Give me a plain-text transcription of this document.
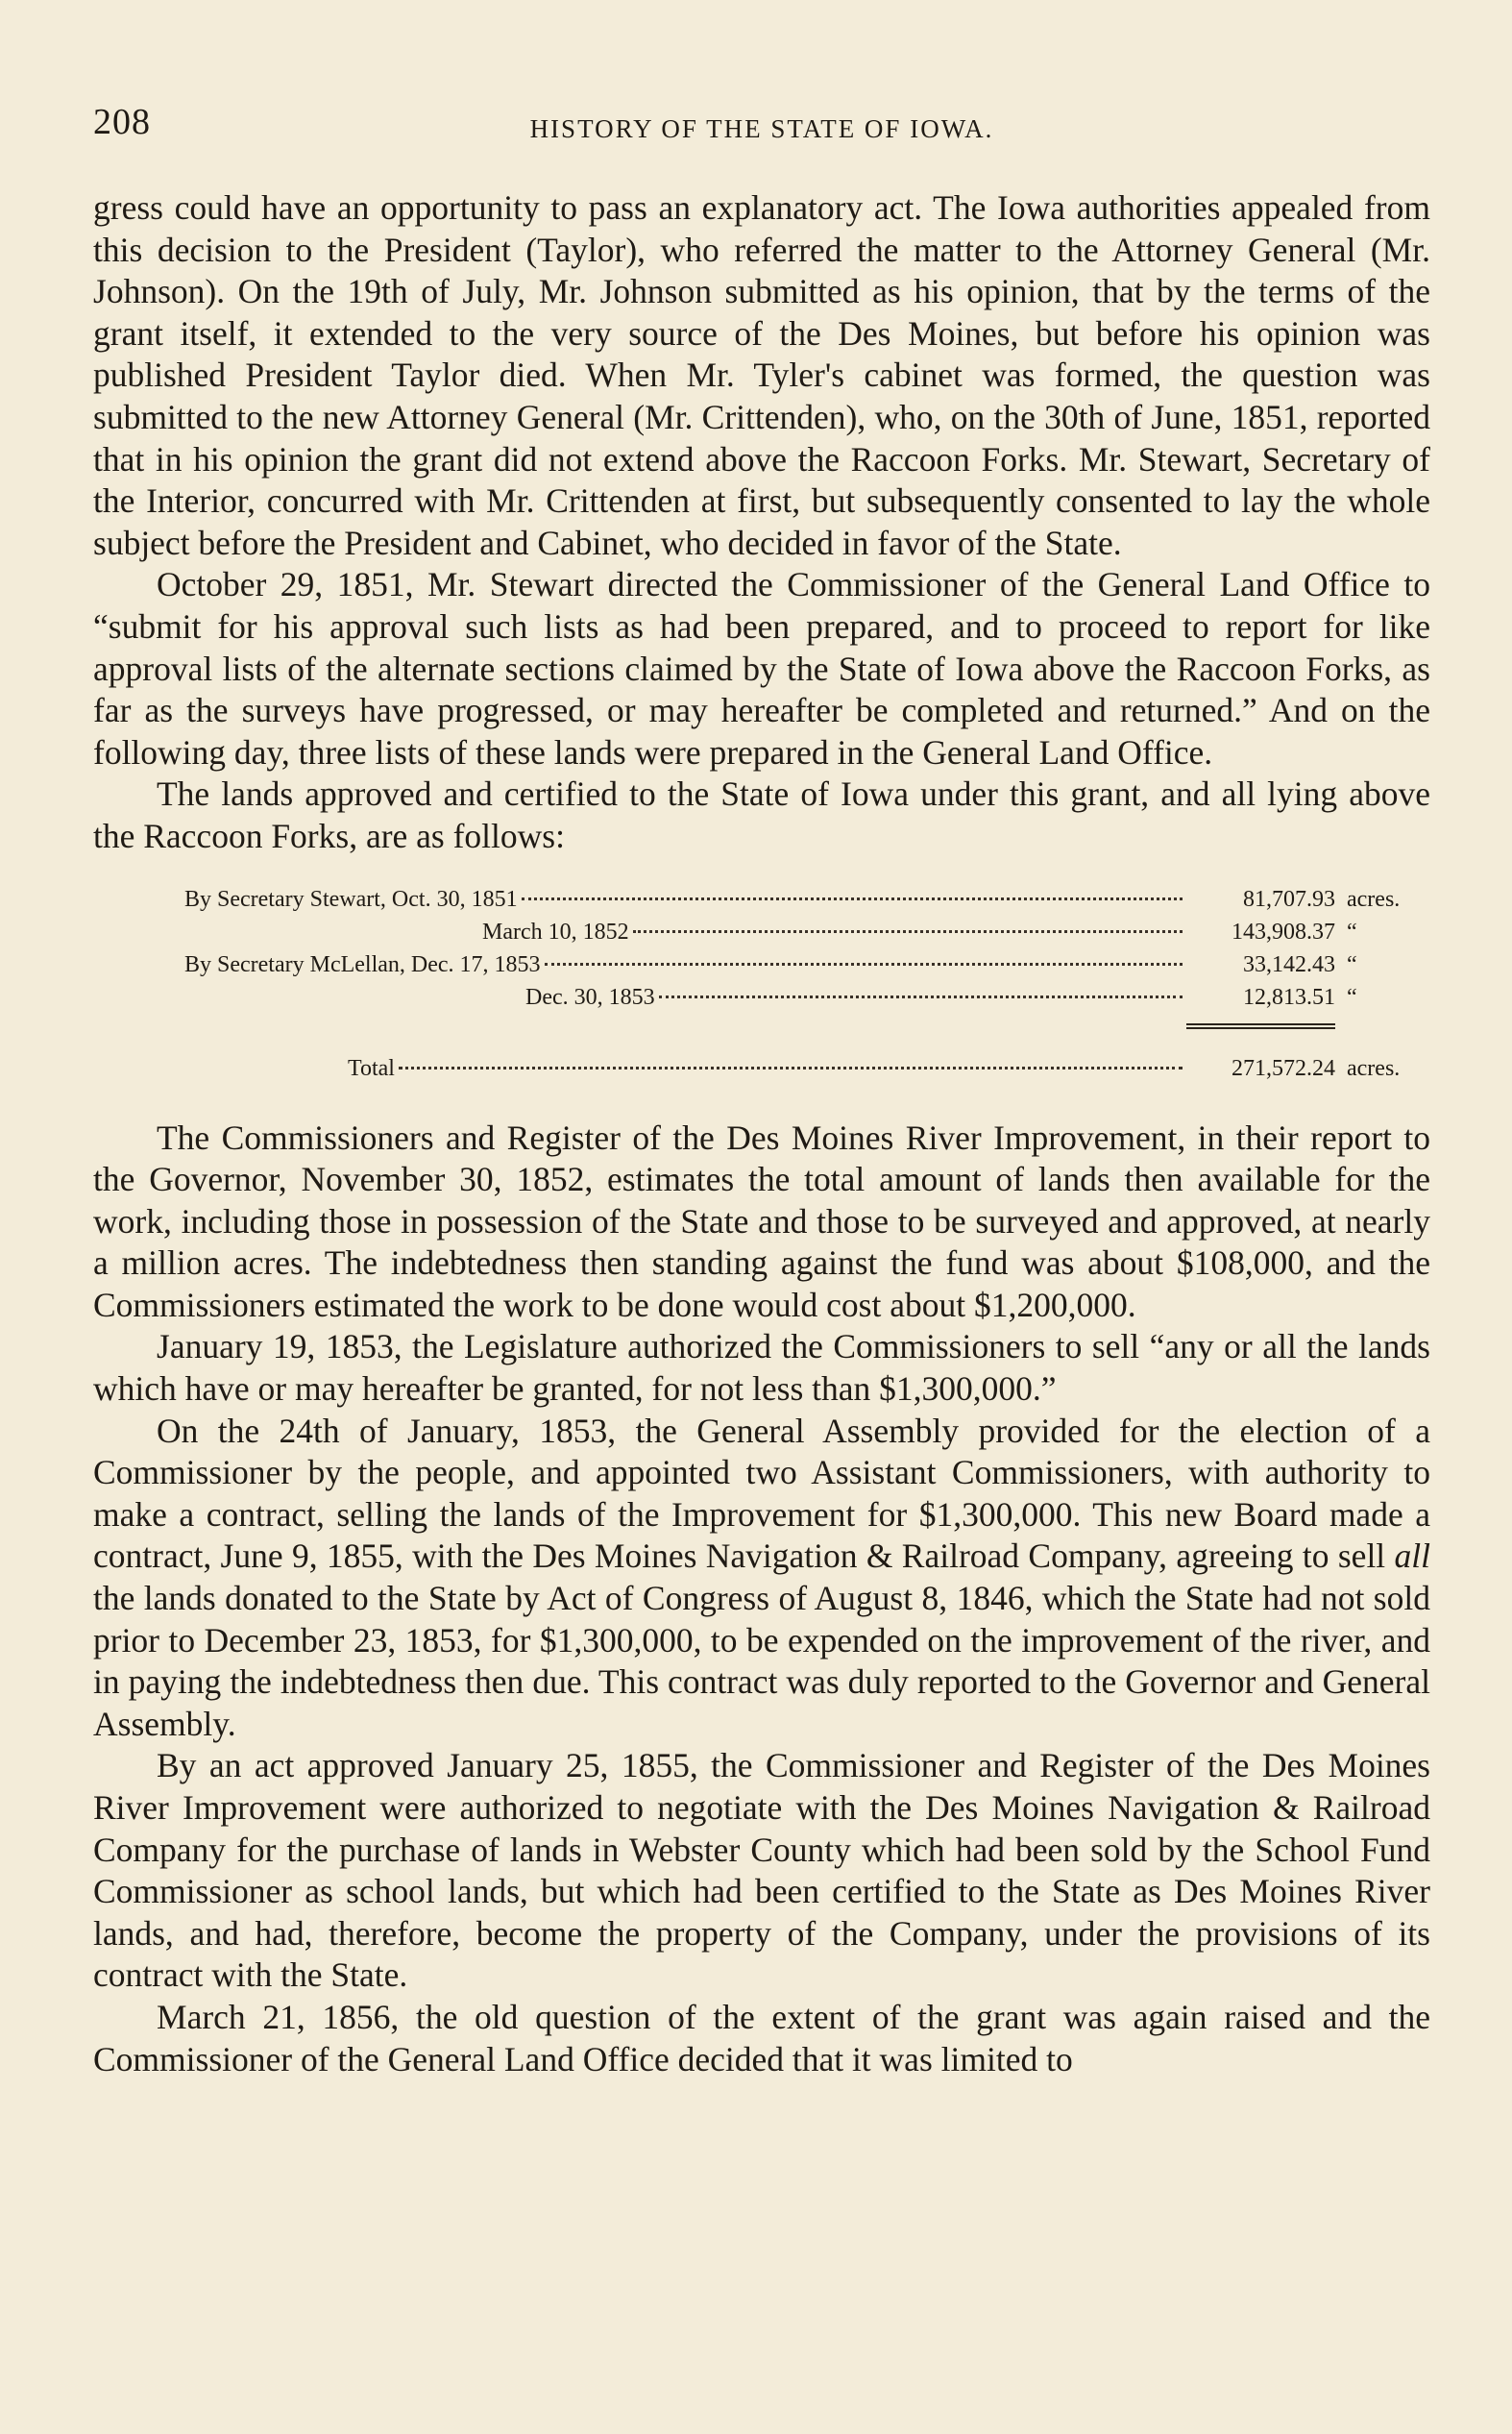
208	HISTORY OF THE STATE OF IOWA.

gress could have an opportunity to pass an explanatory act. The Iowa authorities appealed from this decision to the President (Taylor), who referred the matter to the Attorney General (Mr. Johnson). On the 19th of July, Mr. Johnson submitted as his opinion, that by the terms of the grant itself, it extended to the very source of the Des Moines, but before his opinion was published President Taylor died. When Mr. Tyler's cabinet was formed, the question was submitted to the new Attorney General (Mr. Crittenden), who, on the 30th of June, 1851, reported that in his opinion the grant did not extend above the Raccoon Forks. Mr. Stewart, Secretary of the Interior, concurred with Mr. Crittenden at first, but subsequently consented to lay the whole subject before the President and Cabinet, who decided in favor of the State.

October 29, 1851, Mr. Stewart directed the Commissioner of the General Land Office to “submit for his approval such lists as had been prepared, and to proceed to report for like approval lists of the alternate sections claimed by the State of Iowa above the Raccoon Forks, as far as the surveys have progressed, or may hereafter be completed and returned.” And on the following day, three lists of these lands were prepared in the General Land Office.

The lands approved and certified to the State of Iowa under this grant, and all lying above the Raccoon Forks, are as follows:

By Secretary Stewart, Oct. 30, 1851	81,707.93 acres.
March 10, 1852	143,908.37 “
By Secretary McLellan, Dec. 17, 1853	33,142.43 “
Dec. 30, 1853	12,813.51 “
Total	271,572.24 acres.

The Commissioners and Register of the Des Moines River Improvement, in their report to the Governor, November 30, 1852, estimates the total amount of lands then available for the work, including those in possession of the State and those to be surveyed and approved, at nearly a million acres. The indebtedness then standing against the fund was about $108,000, and the Commissioners estimated the work to be done would cost about $1,200,000.

January 19, 1853, the Legislature authorized the Commissioners to sell “any or all the lands which have or may hereafter be granted, for not less than $1,300,000.”

On the 24th of January, 1853, the General Assembly provided for the election of a Commissioner by the people, and appointed two Assistant Commissioners, with authority to make a contract, selling the lands of the Improvement for $1,300,000. This new Board made a contract, June 9, 1855, with the Des Moines Navigation & Railroad Company, agreeing to sell all the lands donated to the State by Act of Congress of August 8, 1846, which the State had not sold prior to December 23, 1853, for $1,300,000, to be expended on the improvement of the river, and in paying the indebtedness then due. This contract was duly reported to the Governor and General Assembly.

By an act approved January 25, 1855, the Commissioner and Register of the Des Moines River Improvement were authorized to negotiate with the Des Moines Navigation & Railroad Company for the purchase of lands in Webster County which had been sold by the School Fund Commissioner as school lands, but which had been certified to the State as Des Moines River lands, and had, therefore, become the property of the Company, under the provisions of its contract with the State.

March 21, 1856, the old question of the extent of the grant was again raised and the Commissioner of the General Land Office decided that it was limited to
